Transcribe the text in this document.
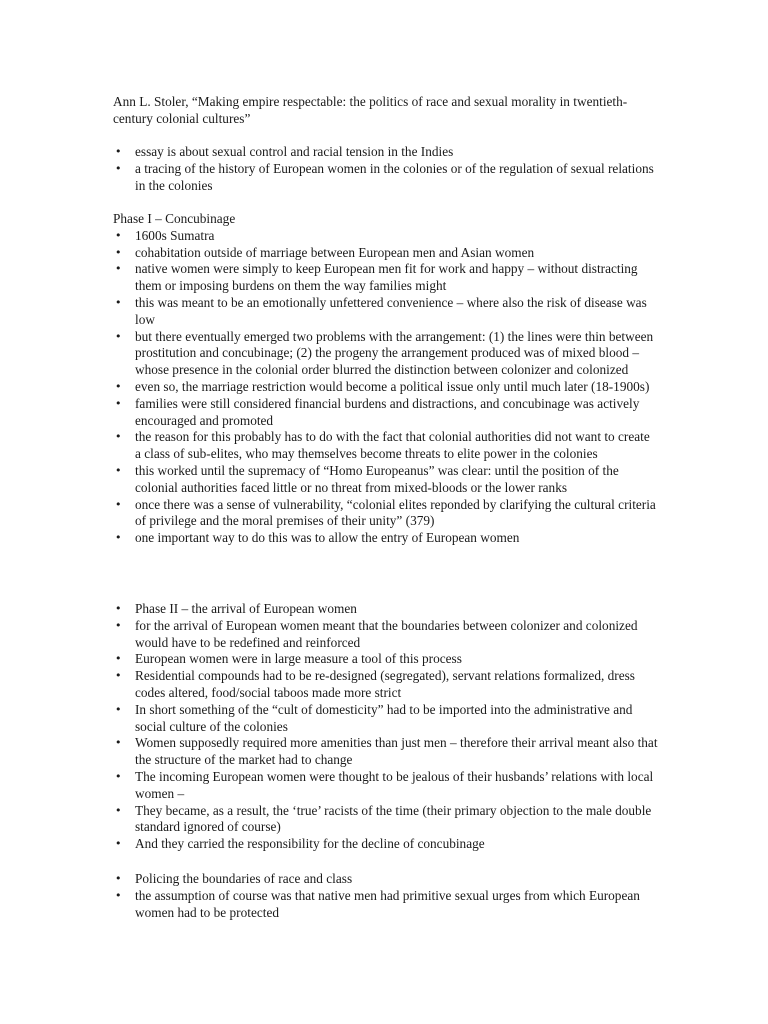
Ann L. Stoler, “Making empire respectable: the politics of race and sexual morality in twentieth-century colonial cultures”

• essay is about sexual control and racial tension in the Indies
• a tracing of the history of European women in the colonies or of the regulation of sexual relations in the colonies

Phase I – Concubinage

• 1600s Sumatra
• cohabitation outside of marriage between European men and Asian women
• native women were simply to keep European men fit for work and happy – without distracting them or imposing burdens on them the way families might
• this was meant to be an emotionally unfettered convenience – where also the risk of disease was low
• but there eventually emerged two problems with the arrangement: (1) the lines were thin between prostitution and concubinage; (2) the progeny the arrangement produced was of mixed blood – whose presence in the colonial order blurred the distinction between colonizer and colonized
• even so, the marriage restriction would become a political issue only until much later (18-1900s)
• families were still considered financial burdens and distractions, and concubinage was actively encouraged and promoted
• the reason for this probably has to do with the fact that colonial authorities did not want to create a class of sub-elites, who may themselves become threats to elite power in the colonies
• this worked until the supremacy of “Homo Europeanus” was clear: until the position of the colonial authorities faced little or no threat from mixed-bloods or the lower ranks
• once there was a sense of vulnerability, “colonial elites reponded by clarifying the cultural criteria of privilege and the moral premises of their unity” (379)
• one important way to do this was to allow the entry of European women
• Phase II – the arrival of European women
• for the arrival of European women meant that the boundaries between colonizer and colonized would have to be redefined and reinforced
• European women were in large measure a tool of this process
• Residential compounds had to be re-designed (segregated), servant relations formalized, dress codes altered, food/social taboos made more strict
• In short something of the “cult of domesticity” had to be imported into the administrative and social culture of the colonies
• Women supposedly required more amenities than just men – therefore their arrival meant also that the structure of the market had to change
• The incoming European women were thought to be jealous of their husbands’ relations with local women –
• They became, as a result, the ‘true’ racists of the time (their primary objection to the male double standard ignored of course)
• And they carried the responsibility for the decline of concubinage
• Policing the boundaries of race and class
• the assumption of course was that native men had primitive sexual urges from which European women had to be protected
